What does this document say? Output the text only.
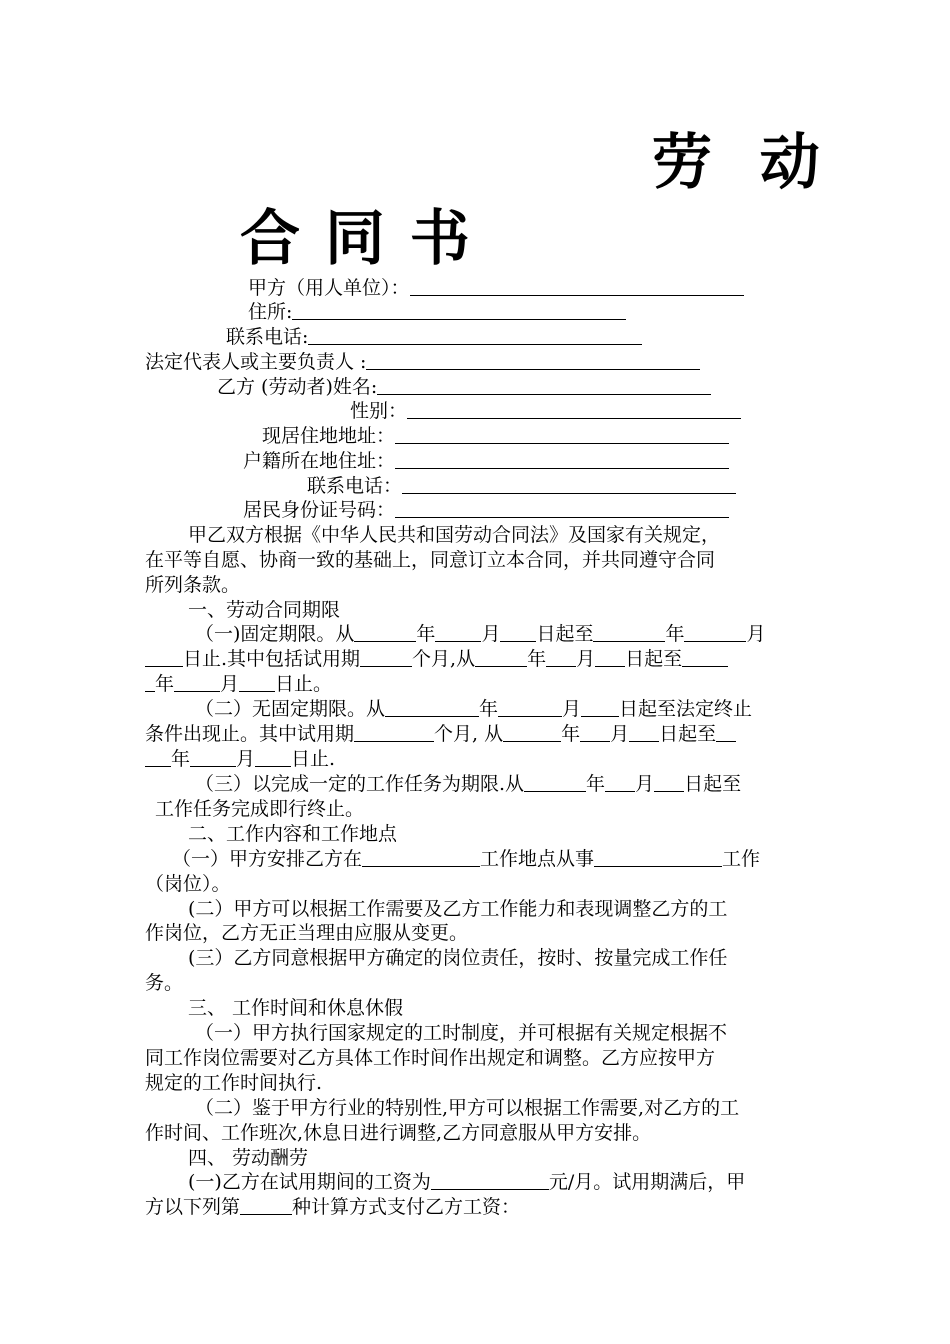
劳  动
合 同 书
甲方（用人单位）：
住所:
联系电话:
法定代表人或主要负责人 :
乙方 (劳动者)姓名:
性别：
现居住地地址：
户籍所在地住址：
联系电话：
居民身份证号码：
甲乙双方根据《中华人民共和国劳动合同法》及国家有关规定，
在平等自愿、协商一致的基础上，同意订立本合同，并共同遵守合同
所列条款。
一、劳动合同期限
（一)固定期限。从	年 月 日起至	年	月
日止.其中包括试用期	个月,从	年 月 日起至
年 月 日止。
（二）无固定期限。从	年	月 日起至法定终止
条件出现止。其中试用期	个月, 从	年 月 日起至
年 月 日止.
（三）以完成一定的工作任务为期限.从	年 月 日起至
工作任务完成即行终止。
二、工作内容和工作地点
（一）甲方安排乙方在	工作地点从事	工作
（岗位）。
(二）甲方可以根据工作需要及乙方工作能力和表现调整乙方的工
作岗位，乙方无正当理由应服从变更。
(三）乙方同意根据甲方确定的岗位责任，按时、按量完成工作任
务。
三、 工作时间和休息休假
（一）甲方执行国家规定的工时制度，并可根据有关规定根据不
同工作岗位需要对乙方具体工作时间作出规定和调整。乙方应按甲方
规定的工作时间执行.
（二）鉴于甲方行业的特别性,甲方可以根据工作需要,对乙方的工
作时间、工作班次,休息日进行调整,乙方同意服从甲方安排。
四、 劳动酬劳
(一)乙方在试用期间的工资为	元/月。试用期满后，甲
方以下列第	种计算方式支付乙方工资：
